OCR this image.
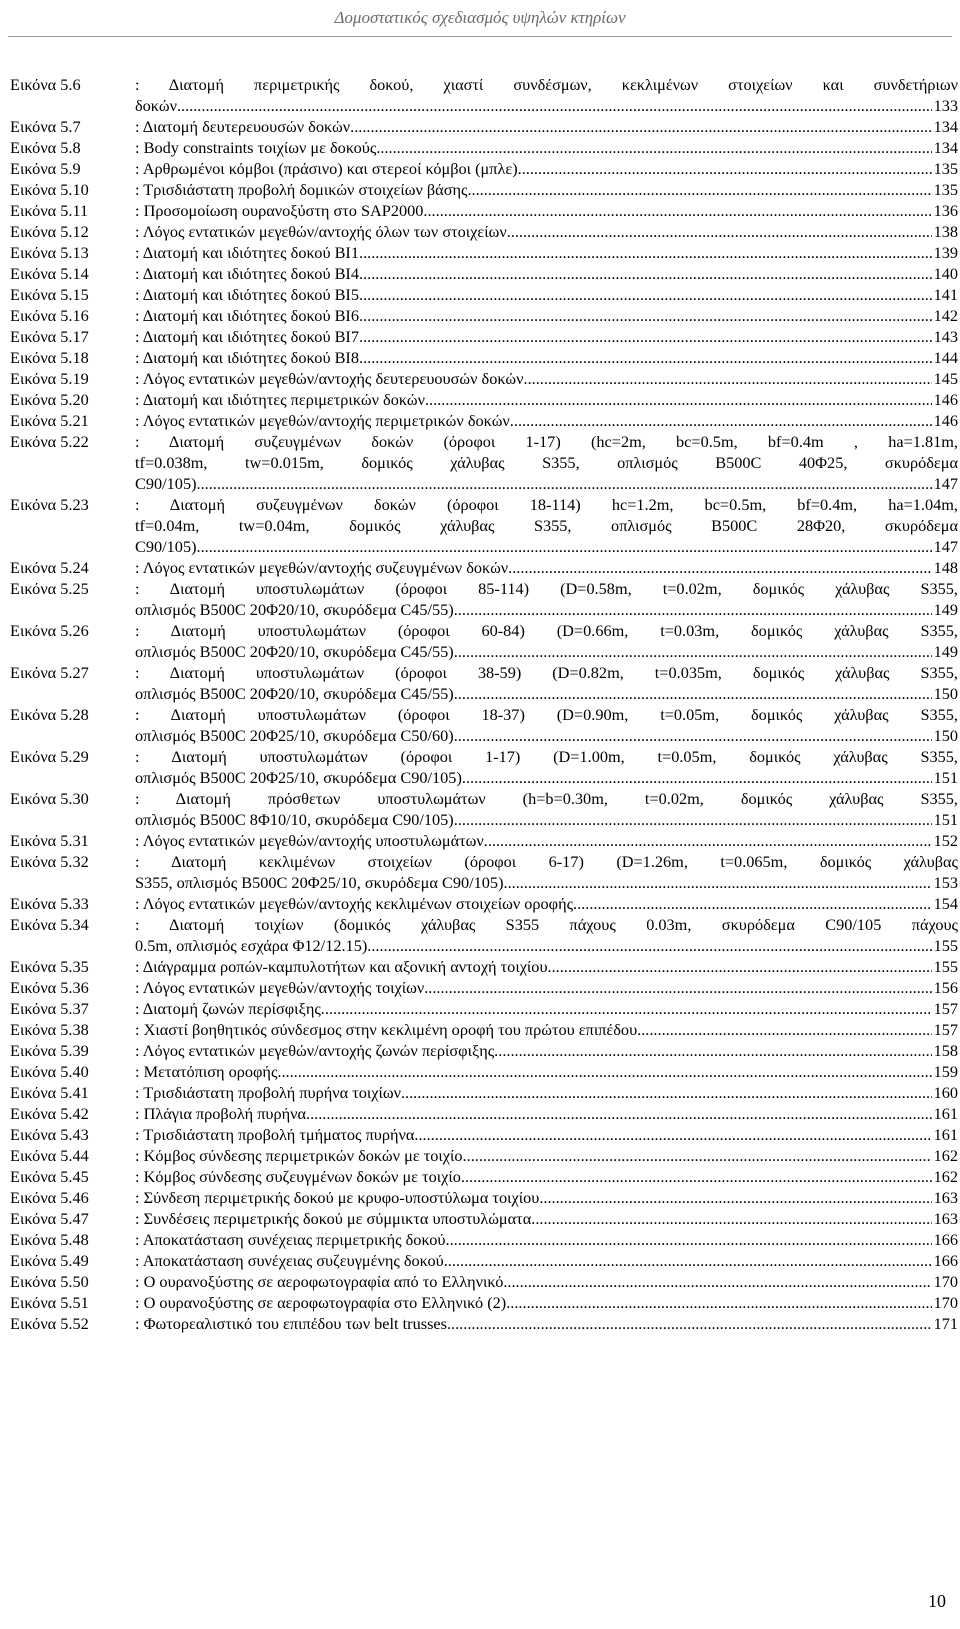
Δομοστατικός σχεδιασμός υψηλών κτηρίων
Εικόνα 5.6	: Διατομή περιμετρικής δοκού, χιαστί συνδέσμων, κεκλιμένων στοιχείων και συνδετήριων
δοκών .....	133
Εικόνα 5.7	: Διατομή δευτερευουσών δοκών .....	134
Εικόνα 5.8	: Body constraints τοιχίων με δοκούς .....	134
Εικόνα 5.9	: Αρθρωμένοι κόμβοι (πράσινο) και στερεοί κόμβοι (μπλε) .....	135
Εικόνα 5.10	: Τρισδιάστατη προβολή δομικών στοιχείων βάσης .....	135
Εικόνα 5.11	: Προσομοίωση ουρανοξύστη στο SAP2000 .....	136
Εικόνα 5.12	: Λόγος εντατικών μεγεθών/αντοχής όλων των στοιχείων .....	138
Εικόνα 5.13	: Διατομή και ιδιότητες δοκού BI1 .....	139
Εικόνα 5.14	: Διατομή και ιδιότητες δοκού BI4 .....	140
Εικόνα 5.15	: Διατομή και ιδιότητες δοκού BI5 .....	141
Εικόνα 5.16	: Διατομή και ιδιότητες δοκού BI6 .....	142
Εικόνα 5.17	: Διατομή και ιδιότητες δοκού BI7 .....	143
Εικόνα 5.18	: Διατομή και ιδιότητες δοκού BI8 .....	144
Εικόνα 5.19	: Λόγος εντατικών μεγεθών/αντοχής δευτερευουσών δοκών .....	145
Εικόνα 5.20	: Διατομή και ιδιότητες περιμετρικών δοκών .....	146
Εικόνα 5.21	: Λόγος εντατικών μεγεθών/αντοχής περιμετρικών δοκών .....	146
Εικόνα 5.22	: Διατομή συζευγμένων δοκών (όροφοι 1-17) (hc=2m, bc=0.5m, bf=0.4m , ha=1.81m,
tf=0.038m, tw=0.015m, δομικός χάλυβας S355, οπλισμός B500C 40Φ25, σκυρόδεμα
C90/105) .....	147
Εικόνα 5.23	: Διατομή συζευγμένων δοκών (όροφοι 18-114) hc=1.2m, bc=0.5m, bf=0.4m, ha=1.04m,
tf=0.04m, tw=0.04m, δομικός χάλυβας S355, οπλισμός B500C 28Φ20, σκυρόδεμα
C90/105) .....	147
Εικόνα 5.24	: Λόγος εντατικών μεγεθών/αντοχής συζευγμένων δοκών .....	148
Εικόνα 5.25	: Διατομή υποστυλωμάτων (όροφοι 85-114) (D=0.58m, t=0.02m, δομικός χάλυβας S355,
οπλισμός B500C 20Φ20/10, σκυρόδεμα C45/55) .....	149
Εικόνα 5.26	: Διατομή υποστυλωμάτων (όροφοι 60-84) (D=0.66m, t=0.03m, δομικός χάλυβας S355,
οπλισμός B500C 20Φ20/10, σκυρόδεμα C45/55) .....	149
Εικόνα 5.27	: Διατομή υποστυλωμάτων (όροφοι 38-59) (D=0.82m, t=0.035m, δομικός χάλυβας S355,
οπλισμός B500C 20Φ20/10, σκυρόδεμα C45/55) .....	150
Εικόνα 5.28	: Διατομή υποστυλωμάτων (όροφοι 18-37) (D=0.90m, t=0.05m, δομικός χάλυβας S355,
οπλισμός B500C 20Φ25/10, σκυρόδεμα C50/60) .....	150
Εικόνα 5.29	: Διατομή υποστυλωμάτων (όροφοι 1-17) (D=1.00m, t=0.05m, δομικός χάλυβας S355,
οπλισμός B500C 20Φ25/10, σκυρόδεμα C90/105) .....	151
Εικόνα 5.30	: Διατομή πρόσθετων υποστυλωμάτων (h=b=0.30m, t=0.02m, δομικός χάλυβας S355,
οπλισμός B500C 8Φ10/10, σκυρόδεμα C90/105) .....	151
Εικόνα 5.31	: Λόγος εντατικών μεγεθών/αντοχής υποστυλωμάτων .....	152
Εικόνα 5.32	: Διατομή κεκλιμένων στοιχείων (όροφοι 6-17) (D=1.26m, t=0.065m, δομικός χάλυβας
S355, οπλισμός B500C 20Φ25/10, σκυρόδεμα C90/105) .....	153
Εικόνα 5.33	: Λόγος εντατικών μεγεθών/αντοχής κεκλιμένων στοιχείων οροφής .....	154
Εικόνα 5.34	: Διατομή τοιχίων (δομικός χάλυβας S355 πάχους 0.03m, σκυρόδεμα C90/105 πάχους
0.5m, οπλισμός εσχάρα Φ12/12.15) .....	155
Εικόνα 5.35	: Διάγραμμα ροπών-καμπυλοτήτων και αξονική αντοχή τοιχίου .....	155
Εικόνα 5.36	: Λόγος εντατικών μεγεθών/αντοχής τοιχίων .....	156
Εικόνα 5.37	: Διατομή ζωνών περίσφιξης .....	157
Εικόνα 5.38	: Χιαστί βοηθητικός σύνδεσμος στην κεκλιμένη οροφή του πρώτου επιπέδου .....	157
Εικόνα 5.39	: Λόγος εντατικών μεγεθών/αντοχής ζωνών περίσφιξης .....	158
Εικόνα 5.40	: Μετατόπιση οροφής .....	159
Εικόνα 5.41	: Τρισδιάστατη προβολή πυρήνα τοιχίων .....	160
Εικόνα 5.42	: Πλάγια προβολή πυρήνα .....	161
Εικόνα 5.43	: Τρισδιάστατη προβολή τμήματος πυρήνα .....	161
Εικόνα 5.44	: Κόμβος σύνδεσης περιμετρικών δοκών με τοιχίο .....	162
Εικόνα 5.45	: Κόμβος σύνδεσης συζευγμένων δοκών με τοιχίο .....	162
Εικόνα 5.46	: Σύνδεση περιμετρικής δοκού με κρυφο-υποστύλωμα τοιχίου .....	163
Εικόνα 5.47	: Συνδέσεις περιμετρικής δοκού με σύμμικτα υποστυλώματα .....	163
Εικόνα 5.48	: Αποκατάσταση συνέχειας περιμετρικής δοκού .....	166
Εικόνα 5.49	: Αποκατάσταση συνέχειας συζευγμένης δοκού .....	166
Εικόνα 5.50	: Ο ουρανοξύστης σε αεροφωτογραφία από το Ελληνικό .....	170
Εικόνα 5.51	: Ο ουρανοξύστης σε αεροφωτογραφία στο Ελληνικό (2) .....	170
Εικόνα 5.52	: Φωτορεαλιστικό του επιπέδου των belt trusses .....	171
10
